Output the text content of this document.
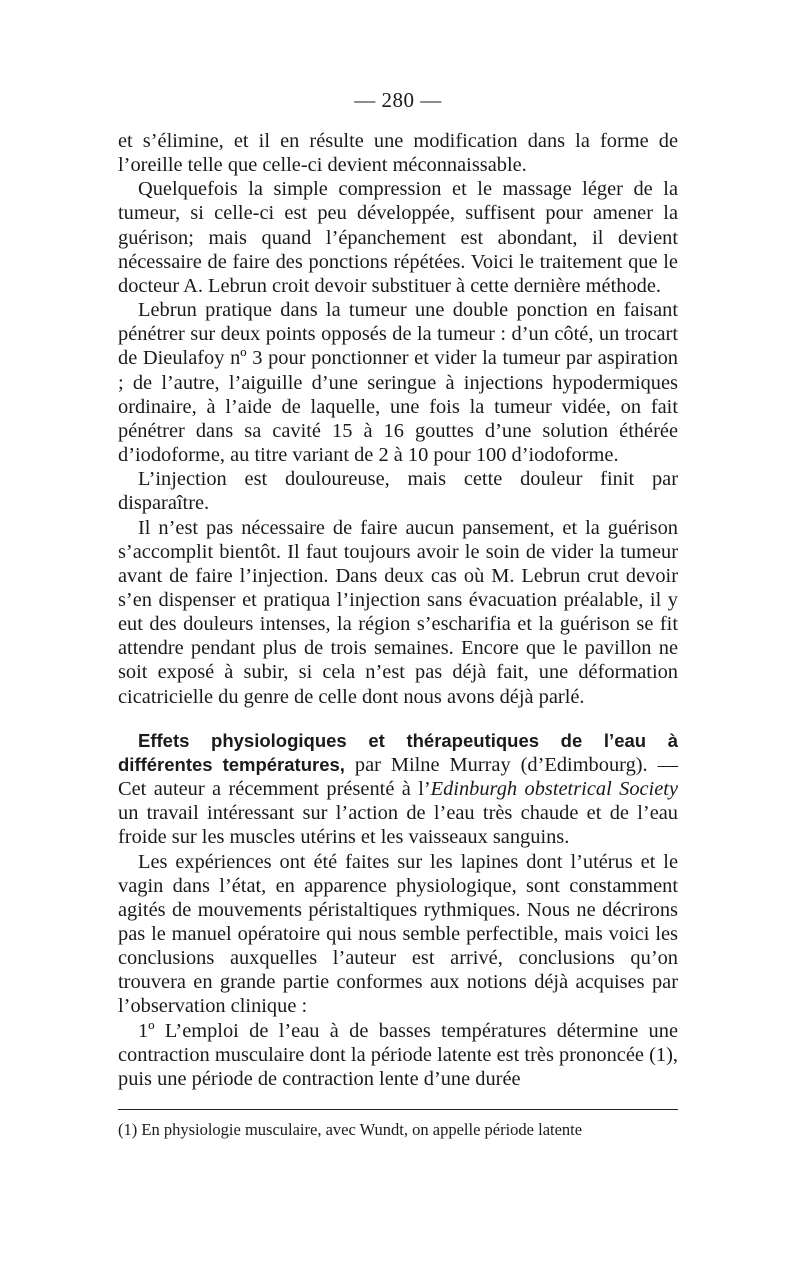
— 280 —

et s’élimine, et il en résulte une modification dans la forme de l’oreille telle que celle-ci devient méconnaissable.

Quelquefois la simple compression et le massage léger de la tumeur, si celle-ci est peu développée, suffisent pour amener la guérison; mais quand l’épanchement est abondant, il devient nécessaire de faire des ponctions répétées. Voici le traitement que le docteur A. Lebrun croit devoir substituer à cette dernière méthode.

Lebrun pratique dans la tumeur une double ponction en faisant pénétrer sur deux points opposés de la tumeur : d’un côté, un trocart de Dieulafoy nº 3 pour ponctionner et vider la tumeur par aspiration ; de l’autre, l’aiguille d’une seringue à injections hypodermiques ordinaire, à l’aide de laquelle, une fois la tumeur vidée, on fait pénétrer dans sa cavité 15 à 16 gouttes d’une solution éthérée d’iodoforme, au titre variant de 2 à 10 pour 100 d’iodoforme.

L’injection est douloureuse, mais cette douleur finit par disparaître.

Il n’est pas nécessaire de faire aucun pansement, et la guérison s’accomplit bientôt. Il faut toujours avoir le soin de vider la tumeur avant de faire l’injection. Dans deux cas où M. Lebrun crut devoir s’en dispenser et pratiqua l’injection sans évacuation préalable, il y eut des douleurs intenses, la région s’escharifia et la guérison se fit attendre pendant plus de trois semaines. Encore que le pavillon ne soit exposé à subir, si cela n’est pas déjà fait, une déformation cicatricielle du genre de celle dont nous avons déjà parlé.

Effets physiologiques et thérapeutiques de l’eau à différentes températures, par Milne Murray (d’Edimbourg). — Cet auteur a récemment présenté à l’Edinburgh obstetrical Society un travail intéressant sur l’action de l’eau très chaude et de l’eau froide sur les muscles utérins et les vaisseaux sanguins.

Les expériences ont été faites sur les lapines dont l’utérus et le vagin dans l’état, en apparence physiologique, sont constamment agités de mouvements péristaltiques rythmiques. Nous ne décrirons pas le manuel opératoire qui nous semble perfectible, mais voici les conclusions auxquelles l’auteur est arrivé, conclusions qu’on trouvera en grande partie conformes aux notions déjà acquises par l’observation clinique :

1º L’emploi de l’eau à de basses températures détermine une contraction musculaire dont la période latente est très prononcée (1), puis une période de contraction lente d’une durée

(1) En physiologie musculaire, avec Wundt, on appelle période latente
